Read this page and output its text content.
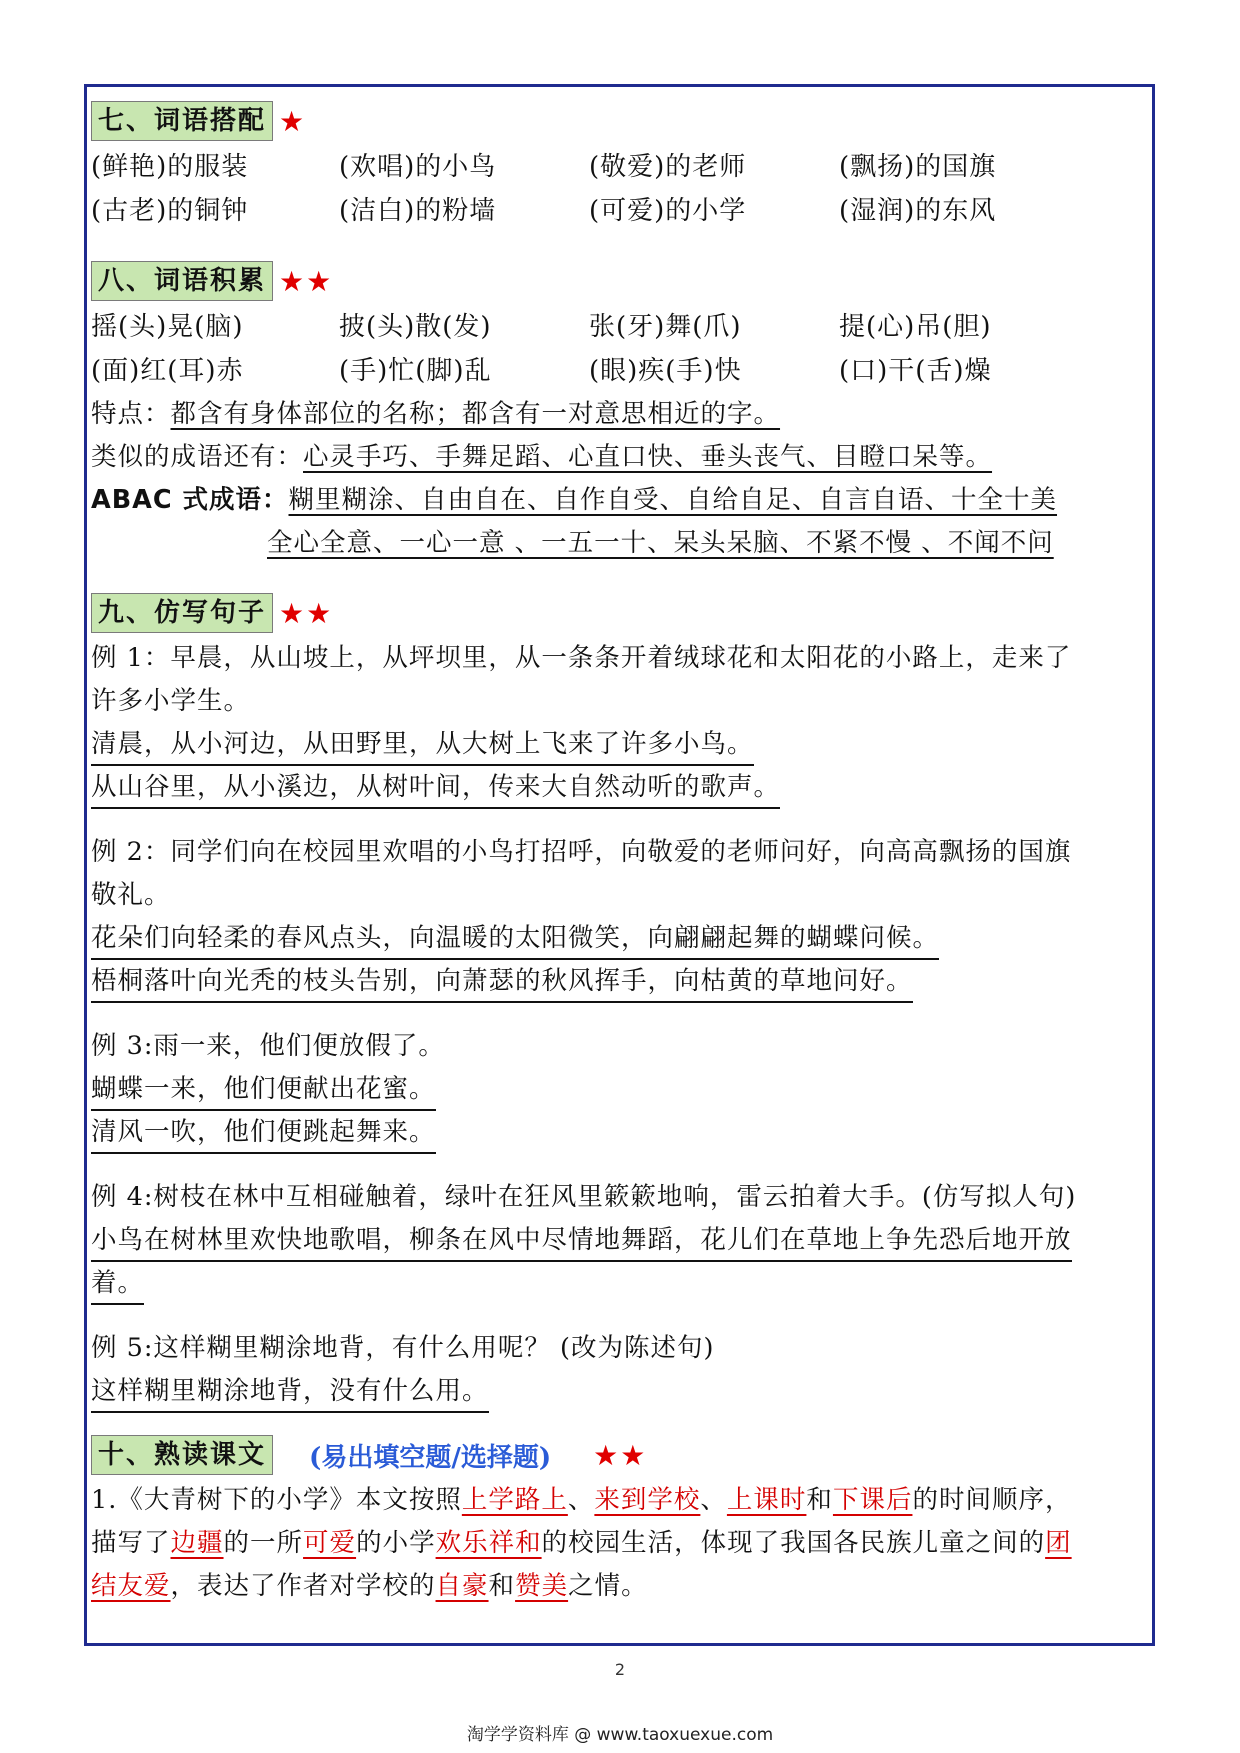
七、词语搭配 ★
(鲜艳)的服装	(欢唱)的小鸟	(敬爱)的老师	(飘扬)的国旗
(古老)的铜钟	(洁白)的粉墙	(可爱)的小学	(湿润)的东风
八、词语积累 ★★
摇(头)晃(脑)	披(头)散(发)	张(牙)舞(爪)	提(心)吊(胆)
(面)红(耳)赤	(手)忙(脚)乱	(眼)疾(手)快	(口)干(舌)燥
特点：都含有身体部位的名称；都含有一对意思相近的字。
类似的成语还有：心灵手巧、手舞足蹈、心直口快、垂头丧气、目瞪口呆等。
ABAC 式成语：糊里糊涂、自由自在、自作自受、自给自足、自言自语、十全十美
全心全意、一心一意 、一五一十、呆头呆脑、不紧不慢 、不闻不问
九、仿写句子 ★★
例 1：早晨，从山坡上，从坪坝里，从一条条开着绒球花和太阳花的小路上，走来了
许多小学生。
清晨，从小河边，从田野里，从大树上飞来了许多小鸟。
从山谷里，从小溪边，从树叶间，传来大自然动听的歌声。
例 2：同学们向在校园里欢唱的小鸟打招呼，向敬爱的老师问好，向高高飘扬的国旗
敬礼。
花朵们向轻柔的春风点头，向温暖的太阳微笑，向翩翩起舞的蝴蝶问候。
梧桐落叶向光秃的枝头告别，向萧瑟的秋风挥手，向枯黄的草地问好。
例 3:雨一来，他们便放假了。
蝴蝶一来，他们便献出花蜜。
清风一吹，他们便跳起舞来。
例 4:树枝在林中互相碰触着，绿叶在狂风里簌簌地响，雷云拍着大手。(仿写拟人句)
小鸟在树林里欢快地歌唱，柳条在风中尽情地舞蹈，花儿们在草地上争先恐后地开放
着。
例 5:这样糊里糊涂地背，有什么用呢？ (改为陈述句)
这样糊里糊涂地背，没有什么用。
十、熟读课文 (易出填空题/选择题) ★★
1.《大青树下的小学》本文按照上学路上、来到学校、上课时和下课后的时间顺序，
描写了边疆的一所可爱的小学欢乐祥和的校园生活，体现了我国各民族儿童之间的团
结友爱，表达了作者对学校的自豪和赞美之情。
2
淘学学资料库 @ www.taoxuexue.com
